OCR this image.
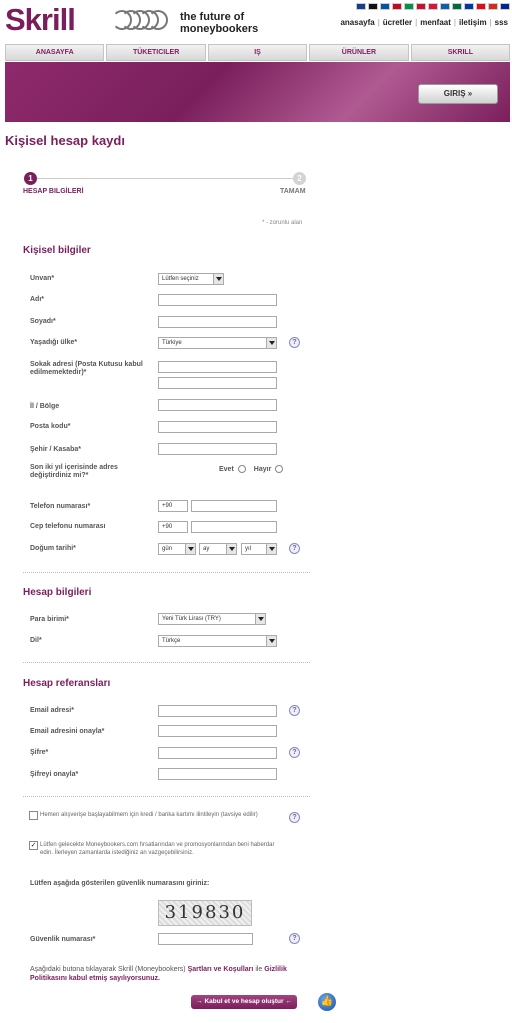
Skrill	the future of
moneybookers
anasayfa | ücretler | menfaat | iletişim | sss
ANASAYFA	TÜKETICILER	IŞ	ÜRÜNLER	SKRILL
GIRIŞ »
Kişisel hesap kaydı
1	2
HESAP BILGİLERİ	TAMAM
* - zorunlu alan
Kişisel bilgiler
Unvan*	Lütfen seçiniz
Adı*
Soyadı*
Yaşadığı ülke*	Türkiye	?
Sokak adresi (Posta Kutusu kabul edilmemektedir)*
İl / Bölge
Posta kodu*
Şehir / Kasaba*
Son iki yıl içerisinde adres değiştirdiniz mi?*
Evet	Hayır
Telefon numarası*	+90
Cep telefonu numarası	+90
Doğum tarihi*	gün	ay	yıl	?
Hesap bilgileri
Para birimi*	Yeni Türk Lirası (TRY)
Dil*	Türkçe
Hesap referansları
Email adresi*	?
Email adresini onayla*
Şifre*	?
Şifreyi onayla*
Hemen alışverişe başlayabilmem için kredi / banka kartımı ilintileyin (tavsiye edilir)	?
✓ Lütfen gelecekte Moneybookers.com fırsatlarından ve promosyonlarından beni haberdar edin. İlerleyen zamanlarda istediğiniz an vazgeçebilirsiniz.
Lütfen aşağıda gösterilen güvenlik numarasını giriniz:
319830
Güvenlik numarası*	?
Aşağıdaki butona tıklayarak Skrill (Moneybookers) Şartları ve Koşulları ile Gizlilik Politikasını kabul etmiş sayılıyorsunuz.
→ Kabul et ve hesap oluştur ←	👍
